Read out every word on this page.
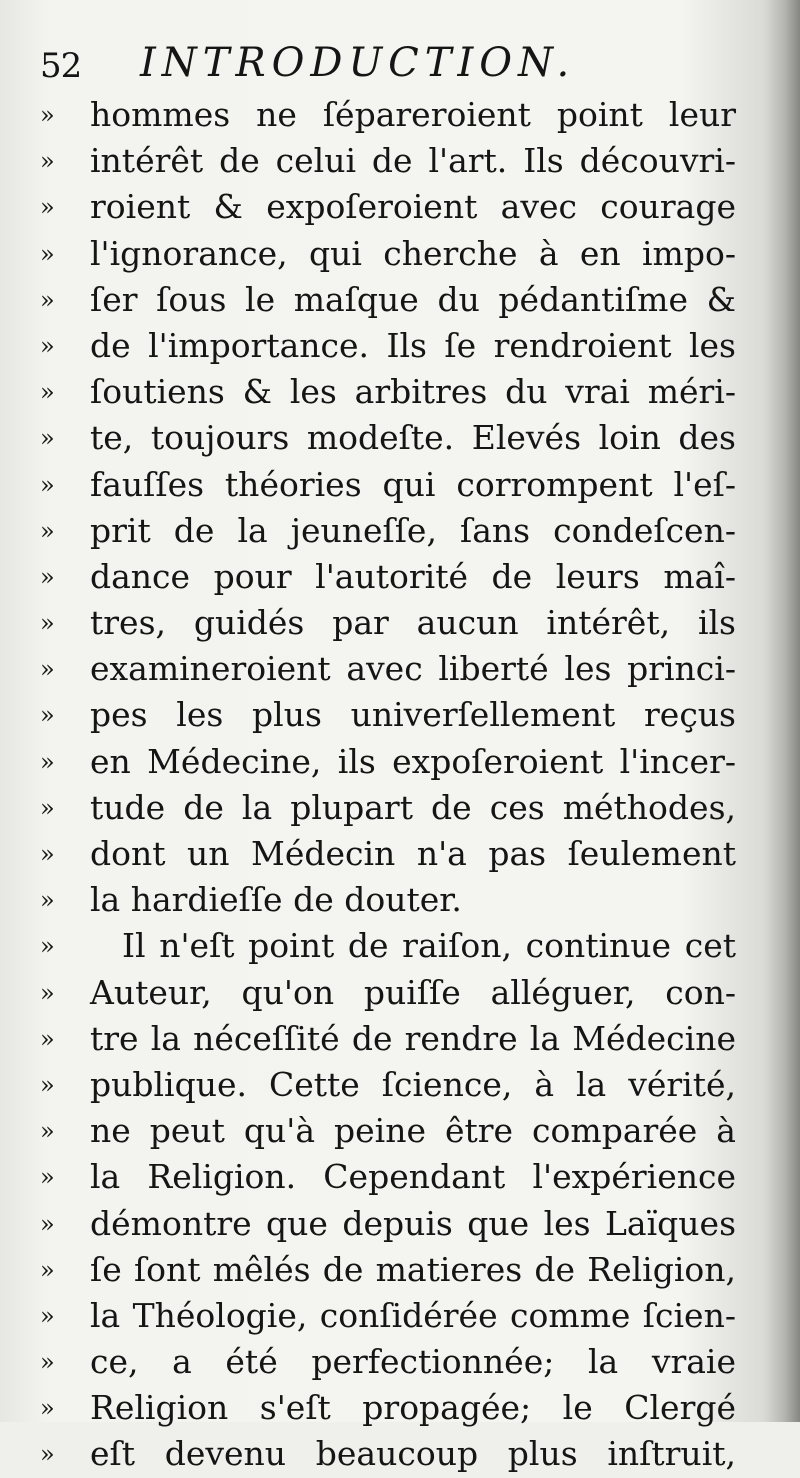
52 INTRODUCTION.
»	hommes ne ſépareroient point leur
»	intérêt de celui de l'art. Ils découvri-
»	roient & expoſeroient avec courage
»	l'ignorance, qui cherche à en impo-
»	ſer ſous le maſque du pédantiſme &
»	de l'importance. Ils ſe rendroient les
»	ſoutiens & les arbitres du vrai méri-
»	te, toujours modeſte. Elevés loin des
»	fauſſes théories qui corrompent l'eſ-
»	prit de la jeuneſſe, ſans condeſcen-
»	dance pour l'autorité de leurs maî-
»	tres, guidés par aucun intérêt, ils
»	examineroient avec liberté les princi-
»	pes les plus univerſellement reçus
»	en Médecine, ils expoſeroient l'incer-
»	tude de la plupart de ces méthodes,
»	dont un Médecin n'a pas ſeulement
»	la hardieſſe de douter.
»	Il n'eſt point de raiſon, continue cet
»	Auteur, qu'on puiſſe alléguer, con-
»	tre la néceſſité de rendre la Médecine
»	publique. Cette ſcience, à la vérité,
»	ne peut qu'à peine être comparée à
»	la Religion. Cependant l'expérience
»	démontre que depuis que les Laïques
»	ſe ſont mêlés de matieres de Religion,
»	la Théologie, conſidérée comme ſcien-
»	ce, a été perfectionnée; la vraie
»	Religion s'eſt propagée; le Clergé
»	eſt devenu beaucoup plus inſtruit,
